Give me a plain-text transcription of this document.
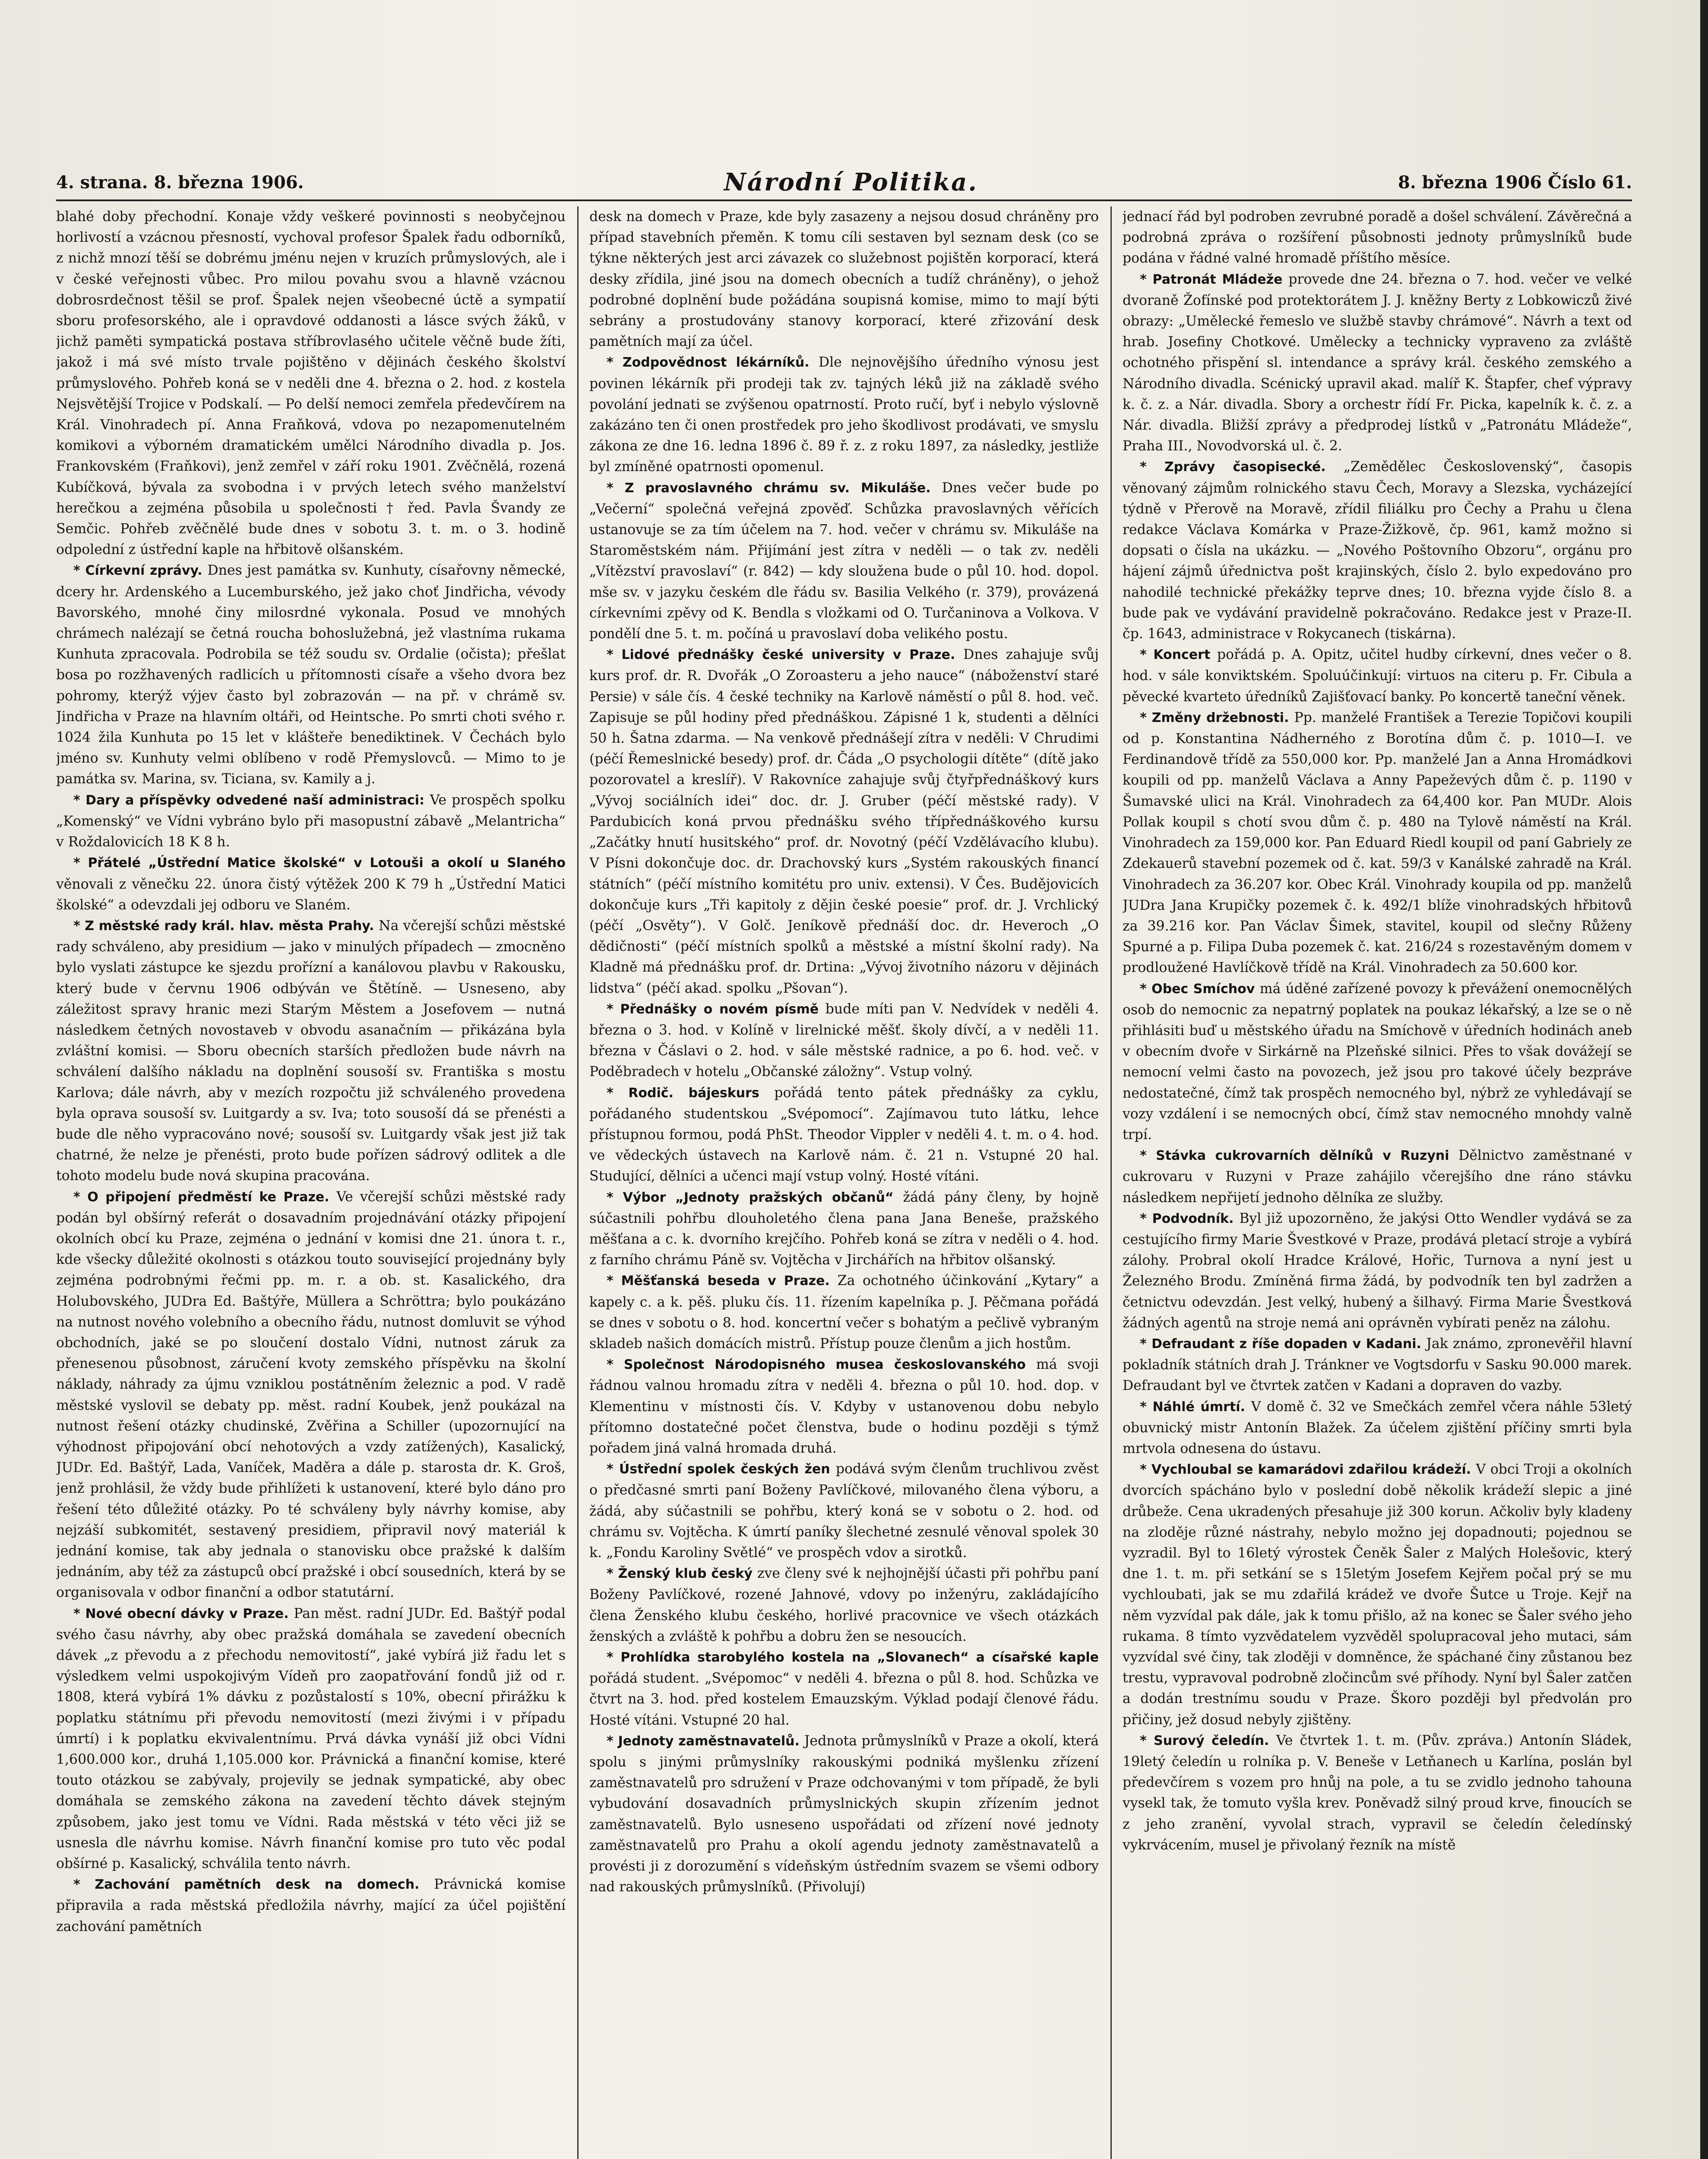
4. strana. 8. března 1906.	Národní Politika.	8. března 1906 Číslo 61.

blahé doby přechodní. Konaje vždy veškeré povinnosti s neobyčejnou horlivostí a vzácnou přesností, vychoval profesor Špalek řadu odborníků, z nichž mnozí těší se dobrému jménu nejen v kruzích průmyslových, ale i v české veřejnosti vůbec. Pro milou povahu svou a hlavně vzácnou dobrosrdečnost těšil se prof. Špalek nejen všeobecné úctě a sympatií sboru profesorského, ale i opravdové oddanosti a lásce svých žáků, v jichž paměti sympatická postava stříbrovlasého učitele věčně bude žíti, jakož i má své místo trvale pojištěno v dějinách českého školství průmyslového. Pohřeb koná se v neděli dne 4. března o 2. hod. z kostela Nejsvětější Trojice v Podskalí. — Po delší nemoci zemřela předevčírem na Král. Vinohradech pí. Anna Fraňková, vdova po nezapomenutelném komikovi a výborném dramatickém umělci Národního divadla p. Jos. Frankovském (Fraňkovi), jenž zemřel v září roku 1901. Zvěčnělá, rozená Kubíčková, bývala za svobodna i v prvých letech svého manželství herečkou a zejména působila u společnosti † řed. Pavla Švandy ze Semčic. Pohřeb zvěčnělé bude dnes v sobotu 3. t. m. o 3. hodině odpolední z ústřední kaple na hřbitově olšanském.

* Církevní zprávy. Dnes jest památka sv. Kunhuty, císařovny německé, dcery hr. Ardenského a Lucemburského, jež jako choť Jindřicha, vévody Bavorského, mnohé činy milosrdné vykonala. Posud ve mnohých chrámech nalézají se četná roucha bohoslužebná, jež vlastníma rukama Kunhuta zpracovala. Podrobila se též soudu sv. Ordalie (očista); přešlat bosa po rozžhavených radlicích u přítomnosti císaře a všeho dvora bez pohromy, kterýž výjev často byl zobrazován — na př. v chrámě sv. Jindřicha v Praze na hlavním oltáři, od Heintsche. Po smrti choti svého r. 1024 žila Kunhuta po 15 let v klášteře benediktinek. V Čechách bylo jméno sv. Kunhuty velmi oblíbeno v rodě Přemyslovců. — Mimo to je památka sv. Marina, sv. Ticiana, sv. Kamily a j.

* Dary a příspěvky odvedené naší administraci: Ve prospěch spolku „Komenský“ ve Vídni vybráno bylo při masopustní zábavě „Melantricha“ v Roždalovicích 18 K 8 h.

* Přátelé „Ústřední Matice školské“ v Lotouši a okolí u Slaného věnovali z věnečku 22. února čistý výtěžek 200 K 79 h „Ústřední Matici školské“ a odevzdali jej odboru ve Slaném.

* Z městské rady král. hlav. města Prahy. Na včerejší schůzi městské rady schváleno, aby presidium — jako v minulých případech — zmocněno bylo vyslati zástupce ke sjezdu prořízní a kanálovou plavbu v Rakousku, který bude v červnu 1906 odbýván ve Štětíně. — Usneseno, aby záležitost spravy hranic mezi Starým Městem a Josefovem — nutná následkem četných novostaveb v obvodu asanačním — přikázána byla zvláštní komisi. — Sboru obecních starších předložen bude návrh na schválení dalšího nákladu na doplnění sousoší sv. Františka s mostu Karlova; dále návrh, aby v mezích rozpočtu již schváleného provedena byla oprava sousoší sv. Luitgardy a sv. Iva; toto sousoší dá se přenésti a bude dle něho vypracováno nové; sousoší sv. Luitgardy však jest již tak chatrné, že nelze je přenésti, proto bude pořízen sádrový odlitek a dle tohoto modelu bude nová skupina pracována.

* O připojení předměstí ke Praze. Ve včerejší schůzi městské rady podán byl obšírný referát o dosavadním projednávání otázky připojení okolních obcí ku Praze, zejména o jednání v komisi dne 21. února t. r., kde všecky důležité okolnosti s otázkou touto související projednány byly zejména podrobnými řečmi pp. m. r. a ob. st. Kasalického, dra Holubovského, JUDra Ed. Baštýře, Müllera a Schröttra; bylo poukázáno na nutnost nového volebního a obecního řádu, nutnost domluvit se výhod obchodních, jaké se po sloučení dostalo Vídni, nutnost záruk za přenesenou působnost, záručení kvoty zemského příspěvku na školní náklady, náhrady za újmu vzniklou postátněním železnic a pod. V radě městské vyslovil se debaty pp. měst. radní Koubek, jenž poukázal na nutnost řešení otázky chudinské, Zvěřina a Schiller (upozornující na výhodnost připojování obcí nehotových a vzdy zatížených), Kasalický, JUDr. Ed. Baštýř, Lada, Vaníček, Maděra a dále p. starosta dr. K. Groš, jenž prohlásil, že vždy bude přihlížeti k ustanovení, které bylo dáno pro řešení této důležité otázky. Po té schváleny byly návrhy komise, aby nejzáší subkomitét, sestavený presidiem, připravil nový materiál k jednání komise, tak aby jednala o stanovisku obce pražské k dalším jednáním, aby též za zástupců obcí pražské i obcí sousedních, která by se organisovala v odbor finanční a odbor statutární.

* Nové obecní dávky v Praze. Pan měst. radní JUDr. Ed. Baštýř podal svého času návrhy, aby obec pražská domáhala se zavedení obecních dávek „z převodu a z přechodu nemovitostí“, jaké vybírá již řadu let s výsledkem velmi uspokojivým Vídeň pro zaopatřování fondů již od r. 1808, která vybírá 1% dávku z pozůstalostí s 10%, obecní přirážku k poplatku státnímu při převodu nemovitostí (mezi živými i v případu úmrtí) i k poplatku ekvivalentnímu. Prvá dávka vynáší již obci Vídni 1,600.000 kor., druhá 1,105.000 kor. Právnická a finanční komise, které touto otázkou se zabývaly, projevily se jednak sympatické, aby obec domáhala se zemského zákona na zavedení těchto dávek stejným způsobem, jako jest tomu ve Vídni. Rada městská v této věci již se usnesla dle návrhu komise. Návrh finanční komise pro tuto věc podal obšírné p. Kasalický, schválila tento návrh.

* Zachování pamětních desk na domech. Právnická komise připravila a rada městská předložila návrhy, mající za účel pojištění zachování pamětních

desk na domech v Praze, kde byly zasazeny a nejsou dosud chráněny pro případ stavebních přeměn. K tomu cíli sestaven byl seznam desk (co se týkne některých jest arci závazek co služebnost pojištěn korporací, která desky zřídila, jiné jsou na domech obecních a tudíž chráněny), o jehož podrobné doplnění bude požádána soupisná komise, mimo to mají býti sebrány a prostudovány stanovy korporací, které zřizování desk pamětních mají za účel.

* Zodpovědnost lékárníků. Dle nejnovějšího úředního výnosu jest povinen lékárník při prodeji tak zv. tajných léků již na základě svého povolání jednati se zvýšenou opatrností. Proto ručí, byť i nebylo výslovně zakázáno ten či onen prostředek pro jeho škodlivost prodávati, ve smyslu zákona ze dne 16. ledna 1896 č. 89 ř. z. z roku 1897, za následky, jestliže byl zmíněné opatrnosti opomenul.

* Z pravoslavného chrámu sv. Mikuláše. Dnes večer bude po „Večerní“ společná veřejná zpověď. Schůzka pravoslavných věřících ustanovuje se za tím účelem na 7. hod. večer v chrámu sv. Mikuláše na Staroměstském nám. Přijímání jest zítra v neděli — o tak zv. neděli „Vítězství pravoslaví“ (r. 842) — kdy sloužena bude o půl 10. hod. dopol. mše sv. v jazyku českém dle řádu sv. Basilia Velkého (r. 379), provázená církevními zpěvy od K. Bendla s vložkami od O. Turčaninova a Volkova. V pondělí dne 5. t. m. počíná u pravoslaví doba velikého postu.

* Lidové přednášky české university v Praze. Dnes zahajuje svůj kurs prof. dr. R. Dvořák „O Zoroasteru a jeho nauce“ (náboženství staré Persie) v sále čís. 4 české techniky na Karlově náměstí o půl 8. hod. več. Zapisuje se půl hodiny před přednáškou. Zápisné 1 k, studenti a dělníci 50 h. Šatna zdarma. — Na venkově přednášejí zítra v neděli: V Chrudimi (péčí Řemeslnické besedy) prof. dr. Čáda „O psychologii dítěte“ (dítě jako pozorovatel a kreslíř). V Rakovníce zahajuje svůj čtyřpřednáškový kurs „Vývoj sociálních idei“ doc. dr. J. Gruber (péčí městské rady). V Pardubicích koná prvou přednášku svého třípřednáškového kursu „Začátky hnutí husitského“ prof. dr. Novotný (péčí Vzdělávacího klubu). V Písni dokončuje doc. dr. Drachovský kurs „Systém rakouských financí státních“ (péčí místního komitétu pro univ. extensi). V Čes. Budějovicích dokončuje kurs „Tři kapitoly z dějin české poesie“ prof. dr. J. Vrchlický (péčí „Osvěty“). V Golč. Jeníkově přednáší doc. dr. Heveroch „O dědičnosti“ (péčí místních spolků a městské a místní školní rady). Na Kladně má přednášku prof. dr. Drtina: „Vývoj životního názoru v dějinách lidstva“ (péčí akad. spolku „Pšovan“).

* Přednášky o novém písmě bude míti pan V. Nedvídek v neděli 4. března o 3. hod. v Kolíně v lirelnické měšť. školy dívčí, a v neděli 11. března v Čáslavi o 2. hod. v sále městské radnice, a po 6. hod. več. v Poděbradech v hotelu „Občanské záložny“. Vstup volný.

* Rodič. bájeskurs pořádá tento pátek přednášky za cyklu, pořádaného studentskou „Svépomocí“. Zajímavou tuto látku, lehce přístupnou formou, podá PhSt. Theodor Vippler v neděli 4. t. m. o 4. hod. ve vědeckých ústavech na Karlově nám. č. 21 n. Vstupné 20 hal. Studující, dělníci a učenci mají vstup volný. Hosté vítáni.

* Výbor „Jednoty pražských občanů“ žádá pány členy, by hojně súčastnili pohřbu dlouholetého člena pana Jana Beneše, pražského měšťana a c. k. dvorního krejčího. Pohřeb koná se zítra v neděli o 4. hod. z farního chrámu Páně sv. Vojtěcha v Jirchářích na hřbitov olšanský.

* Měšťanská beseda v Praze. Za ochotného účinkování „Kytary“ a kapely c. a k. pěš. pluku čís. 11. řízením kapelníka p. J. Pěčmana pořádá se dnes v sobotu o 8. hod. koncertní večer s bohatým a pečlivě vybraným skladeb našich domácích mistrů. Přístup pouze členům a jich hostům.

* Společnost Národopisného musea českoslovanského má svoji řádnou valnou hromadu zítra v neděli 4. března o půl 10. hod. dop. v Klementinu v místnosti čís. V. Kdyby v ustanovenou dobu nebylo přítomno dostatečné počet členstva, bude o hodinu později s týmž pořadem jiná valná hromada druhá.

* Ústřední spolek českých žen podává svým členům truchlivou zvěst o předčasné smrti paní Boženy Pavlíčkové, milovaného člena výboru, a žádá, aby súčastnili se pohřbu, který koná se v sobotu o 2. hod. od chrámu sv. Vojtěcha. K úmrtí paníky šlechetné zesnulé věnoval spolek 30 k. „Fondu Karoliny Světlé“ ve prospěch vdov a sirotků.

* Ženský klub český zve členy své k nejhojnější účasti při pohřbu paní Boženy Pavlíčkové, rozené Jahnové, vdovy po inženýru, zakládajícího člena Ženského klubu českého, horlivé pracovnice ve všech otázkách ženských a zvláště k pohřbu a dobru žen se nesoucích.

* Prohlídka starobylého kostela na „Slovanech“ a císařské kaple pořádá student. „Svépomoc“ v neděli 4. března o půl 8. hod. Schůzka ve čtvrt na 3. hod. před kostelem Emauzským. Výklad podají členové řádu. Hosté vítáni. Vstupné 20 hal.

* Jednoty zaměstnavatelů. Jednota průmyslníků v Praze a okolí, která spolu s jinými průmyslníky rakouskými podniká myšlenku zřízení zaměstnavatelů pro sdružení v Praze odchovanými v tom případě, že byli vybudování dosavadních průmyslnických skupin zřízením jednot zaměstnavatelů. Bylo usneseno uspořádati od zřízení nové jednoty zaměstnavatelů pro Prahu a okolí agendu jednoty zaměstnavatelů a provésti ji z dorozumění s vídeňským ústředním svazem se všemi odbory nad rakouských průmyslníků. (Přivolují)

jednací řád byl podroben zevrubné poradě a došel schválení. Závěrečná a podrobná zpráva o rozšíření působnosti jednoty průmyslníků bude podána v řádné valné hromadě příštího měsíce.

* Patronát Mládeže provede dne 24. března o 7. hod. večer ve velké dvoraně Žofínské pod protektorátem J. J. kněžny Berty z Lobkowiczů živé obrazy: „Umělecké řemeslo ve službě stavby chrámové“. Návrh a text od hrab. Josefiny Chotkové. Umělecky a technicky vypraveno za zvláště ochotného přispění sl. intendance a správy král. českého zemského a Národního divadla. Scénický upravil akad. malíř K. Štapfer, chef výpravy k. č. z. a Nár. divadla. Sbory a orchestr řídí Fr. Picka, kapelník k. č. z. a Nár. divadla. Bližší zprávy a předprodej lístků v „Patronátu Mládeže“, Praha III., Novodvorská ul. č. 2.

* Zprávy časopisecké. „Zemědělec Československý“, časopis věnovaný zájmům rolnického stavu Čech, Moravy a Slezska, vycházející týdně v Přerově na Moravě, zřídil filiálku pro Čechy a Prahu u člena redakce Václava Komárka v Praze-Žižkově, čp. 961, kamž možno si dopsati o čísla na ukázku. — „Nového Poštovního Obzoru“, orgánu pro hájení zájmů úřednictva pošt krajinských, číslo 2. bylo expedováno pro nahodilé technické překážky teprve dnes; 10. března vyjde číslo 8. a bude pak ve vydávání pravidelně pokračováno. Redakce jest v Praze-II. čp. 1643, administrace v Rokycanech (tiskárna).

* Koncert pořádá p. A. Opitz, učitel hudby církevní, dnes večer o 8. hod. v sále konviktském. Spoluúčinkují: virtuos na citeru p. Fr. Cibula a pěvecké kvarteto úředníků Zajišťovací banky. Po koncertě taneční věnek.

* Změny držebnosti. Pp. manželé František a Terezie Topičovi koupili od p. Konstantina Nádherného z Borotína dům č. p. 1010—I. ve Ferdinandově třídě za 550,000 kor. Pp. manželé Jan a Anna Hromádkovi koupili od pp. manželů Václava a Anny Papeževých dům č. p. 1190 v Šumavské ulici na Král. Vinohradech za 64,400 kor. Pan MUDr. Alois Pollak koupil s chotí svou dům č. p. 480 na Tylově náměstí na Král. Vinohradech za 159,000 kor. Pan Eduard Riedl koupil od paní Gabriely ze Zdekauerů stavební pozemek od č. kat. 59/3 v Kanálské zahradě na Král. Vinohradech za 36.207 kor. Obec Král. Vinohrady koupila od pp. manželů JUDra Jana Krupičky pozemek č. k. 492/1 blíže vinohradských hřbitovů za 39.216 kor. Pan Václav Šimek, stavitel, koupil od slečny Růženy Spurné a p. Filipa Duba pozemek č. kat. 216/24 s rozestavěným domem v prodloužené Havlíčkově třídě na Král. Vinohradech za 50.600 kor.

* Obec Smíchov má úděné zařízené povozy k převážení onemocnělých osob do nemocnic za nepatrný poplatek na poukaz lékařský, a lze se o ně přihlásiti buď u městského úřadu na Smíchově v úředních hodinách aneb v obecním dvoře v Sirkárně na Plzeňské silnici. Přes to však dovážejí se nemocní velmi často na povozech, jež jsou pro takové účely bezpráve nedostatečné, čímž tak prospěch nemocného byl, nýbrž ze vyhledávají se vozy vzdálení i se nemocných obcí, čímž stav nemocného mnohdy valně trpí.

* Stávka cukrovarních dělníků v Ruzyni Dělnictvo zaměstnané v cukrovaru v Ruzyni v Praze zahájilo včerejšího dne ráno stávku následkem nepřijetí jednoho dělníka ze služby.

* Podvodník. Byl již upozorněno, že jakýsi Otto Wendler vydává se za cestujícího firmy Marie Švestkové v Praze, prodává pletací stroje a vybírá zálohy. Probral okolí Hradce Králové, Hořic, Turnova a nyní jest u Železného Brodu. Zmíněná firma žádá, by podvodník ten byl zadržen a četnictvu odevzdán. Jest velký, hubený a šilhavý. Firma Marie Švestková žádných agentů na stroje nemá ani oprávněn vybírati peněz na zálohu.

* Defraudant z říše dopaden v Kadani. Jak známo, zpronevěřil hlavní pokladník státních drah J. Tránkner ve Vogtsdorfu v Sasku 90.000 marek. Defraudant byl ve čtvrtek zatčen v Kadani a dopraven do vazby.

* Náhlé úmrtí. V domě č. 32 ve Smečkách zemřel včera náhle 53letý obuvnický mistr Antonín Blažek. Za účelem zjištění příčiny smrti byla mrtvola odnesena do ústavu.

* Vychloubal se kamarádovi zdařilou krádeží. V obci Troji a okolních dvorcích spácháno bylo v poslední době několik krádeží slepic a jiné drůbeže. Cena ukradených přesahuje již 300 korun. Ačkoliv byly kladeny na zloděje různé nástrahy, nebylo možno jej dopadnouti; pojednou se vyzradil. Byl to 16letý výrostek Čeněk Šaler z Malých Holešovic, který dne 1. t. m. při setkání se s 15letým Josefem Kejřem počal prý se mu vychloubati, jak se mu zdařilá krádež ve dvoře Šutce u Troje. Kejř na něm vyzvídal pak dále, jak k tomu přišlo, až na konec se Šaler svého jeho rukama. 8 tímto vyzvědatelem vyzvěděl spolupracoval jeho mutaci, sám vyzvídal své činy, tak zloději v domněnce, že spáchané činy zůstanou bez trestu, vypravoval podrobně zločincům své příhody. Nyní byl Šaler zatčen a dodán trestnímu soudu v Praze. Škoro později byl předvolán pro přičiny, jež dosud nebyly zjištěny.

* Surový čeledín. Ve čtvrtek 1. t. m. (Pův. zpráva.) Antonín Sládek, 19letý čeledín u rolníka p. V. Beneše v Letňanech u Karlína, poslán byl předevčírem s vozem pro hnůj na pole, a tu se zvidlo jednoho tahouna vysekl tak, že tomuto vyšla krev. Poněvadž silný proud krve, finoucích se z jeho zranění, vyvolal strach, vypravil se čeledín čeledínský vykrvácením, musel je přivolaný řezník na místě
